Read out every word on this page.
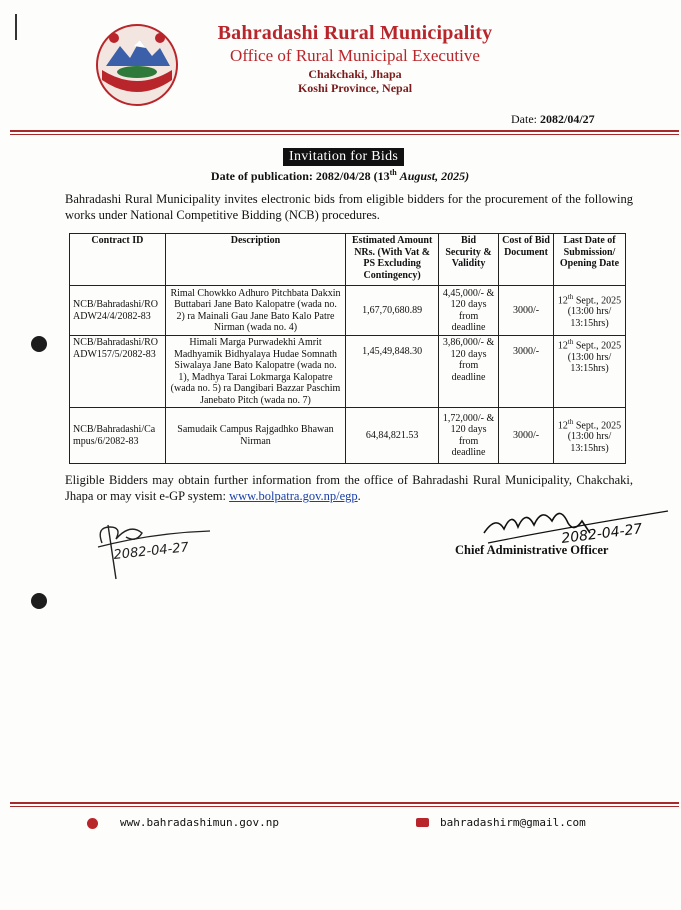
Bahradashi Rural Municipality
Office of Rural Municipal Executive
Chakchaki, Jhapa
Koshi Province, Nepal
Date: 2082/04/27
Invitation for Bids
Date of publication: 2082/04/28 (13th August, 2025)
Bahradashi Rural Municipality invites electronic bids from eligible bidders for the procurement of the following works under National Competitive Bidding (NCB) procedures.
Contract ID	Description	Estimated Amount NRs. (With Vat & PS Excluding Contingency)	Bid Security & Validity	Cost of Bid Document	Last Date of Submission/ Opening Date
NCB/Bahradashi/ROADW24/4/2082-83	Rimal Chowkko Adhuro Pitchbata Dakxin Buttabari Jane Bato Kalopatre (wada no. 2) ra Mainali Gau Jane Bato Kalo Patre Nirman (wada no. 4)	1,67,70,680.89	4,45,000/- & 120 days from deadline	3000/-	12th Sept., 2025 (13:00 hrs/ 13:15hrs)
NCB/Bahradashi/ROADW157/5/2082-83	Himali Marga Purwadekhi Amrit Madhyamik Bidhyalaya Hudae Somnath Siwalaya Jane Bato Kalopatre (wada no. 1), Madhya Tarai Lokmarga Kalopatre (wada no. 5) ra Dangibari Bazzar Paschim Janebato Pitch (wada no. 7)	1,45,49,848.30	3,86,000/- & 120 days from deadline	3000/-	12th Sept., 2025 (13:00 hrs/ 13:15hrs)
NCB/Bahradashi/Campus/6/2082-83	Samudaik Campus Rajgadhko Bhawan Nirman	64,84,821.53	1,72,000/- & 120 days from deadline	3000/-	12th Sept., 2025 (13:00 hrs/ 13:15hrs)
Eligible Bidders may obtain further information from the office of Bahradashi Rural Municipality, Chakchaki, Jhapa or may visit e-GP system: www.bolpatra.gov.np/egp.
2082-04-27
2082-04-27
Chief Administrative Officer
www.bahradashimun.gov.np	bahradashirm@gmail.com
